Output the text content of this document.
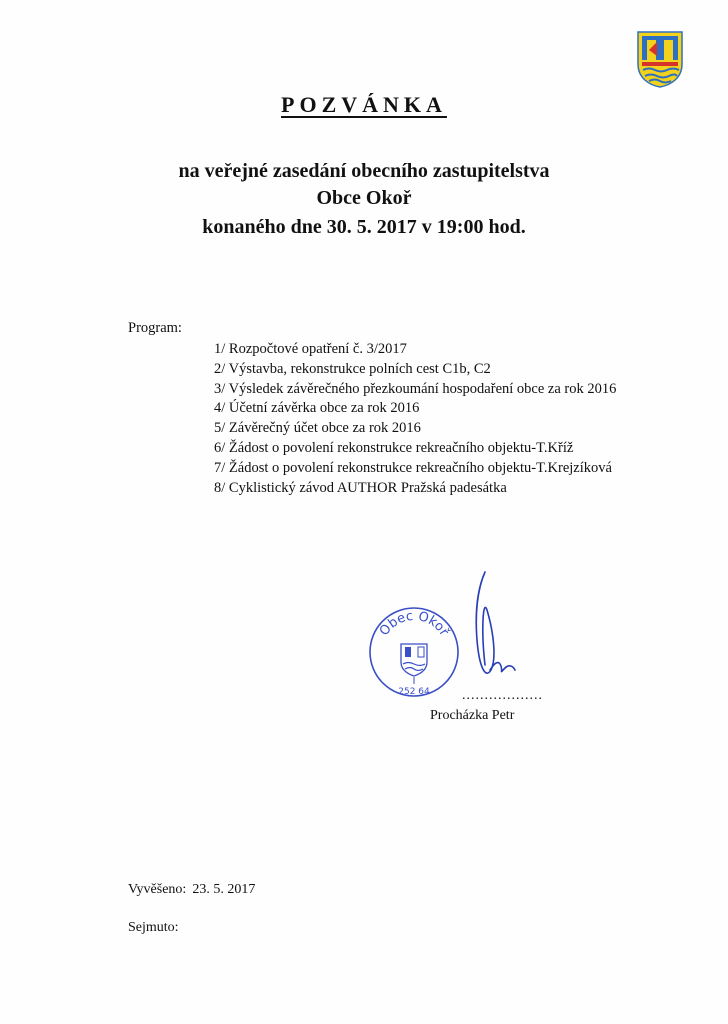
POZVÁNKA
na veřejné zasedání obecního zastupitelstva
Obce Okoř
konaného dne 30. 5. 2017 v 19:00 hod.
Program:
1/ Rozpočtové opatření č. 3/2017
2/ Výstavba, rekonstrukce polních cest C1b, C2
3/ Výsledek závěrečného přezkoumání hospodaření obce za rok 2016
4/ Účetní závěrka obce za rok 2016
5/ Závěrečný účet obce za rok 2016
6/ Žádost o povolení rekonstrukce rekreačního objektu-T.Kříž
7/ Žádost o povolení rekonstrukce rekreačního objektu-T.Krejzíková
8/ Cyklistický závod AUTHOR Pražská padesátka
Obec Okoř
252 64 ..................
Procházka Petr
Vyvěšeno: 23. 5. 2017
Sejmuto:
